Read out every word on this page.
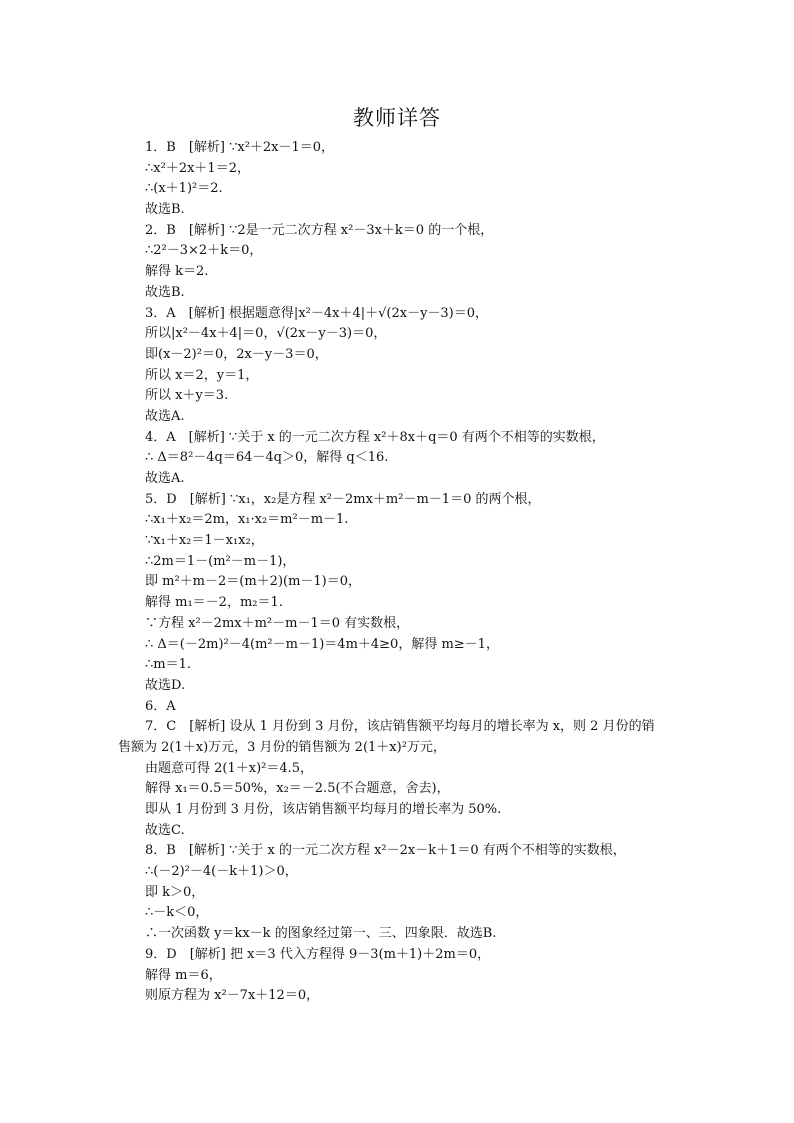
教师详答
1．B　[解析] ∵x²＋2x－1＝0，
∴x²＋2x＋1＝2，
∴(x＋1)²＝2.
故选B.
2．B　[解析] ∵2是一元二次方程 x²－3x＋k＝0 的一个根，
∴2²－3×2＋k＝0，
解得 k＝2.
故选B.
3．A　[解析] 根据题意得|x²－4x＋4|＋√(2x－y－3)＝0，
所以|x²－4x＋4|＝0，√(2x－y－3)＝0，
即(x－2)²＝0，2x－y－3＝0，
所以 x＝2，y＝1，
所以 x＋y＝3.
故选A.
4．A　[解析] ∵关于 x 的一元二次方程 x²＋8x＋q＝0 有两个不相等的实数根，
∴ Δ＝8²－4q＝64－4q＞0，解得 q＜16.
故选A.
5．D　[解析] ∵x₁，x₂是方程 x²－2mx＋m²－m－1＝0 的两个根，
∴x₁＋x₂＝2m，x₁·x₂＝m²－m－1.
∵x₁＋x₂＝1－x₁x₂，
∴2m＝1－(m²－m－1)，
即 m²＋m－2＝(m＋2)(m－1)＝0，
解得 m₁＝－2，m₂＝1.
∵方程 x²－2mx＋m²－m－1＝0 有实数根，
∴ Δ＝(－2m)²－4(m²－m－1)＝4m＋4≥0，解得 m≥－1，
∴m＝1.
故选D.
6．A
7．C　[解析] 设从 1 月份到 3 月份，该店销售额平均每月的增长率为 x，则 2 月份的销
售额为 2(1＋x)万元，3 月份的销售额为 2(1＋x)²万元，
由题意可得 2(1＋x)²＝4.5，
解得 x₁＝0.5＝50%，x₂＝－2.5(不合题意，舍去)，
即从 1 月份到 3 月份，该店销售额平均每月的增长率为 50%.
故选C.
8．B　[解析] ∵关于 x 的一元二次方程 x²－2x－k＋1＝0 有两个不相等的实数根，
∴(－2)²－4(－k＋1)＞0，
即 k＞0，
∴－k＜0，
∴一次函数 y＝kx－k 的图象经过第一、三、四象限．故选B.
9．D　[解析] 把 x＝3 代入方程得 9－3(m＋1)＋2m＝0，
解得 m＝6，
则原方程为 x²－7x＋12＝0，
